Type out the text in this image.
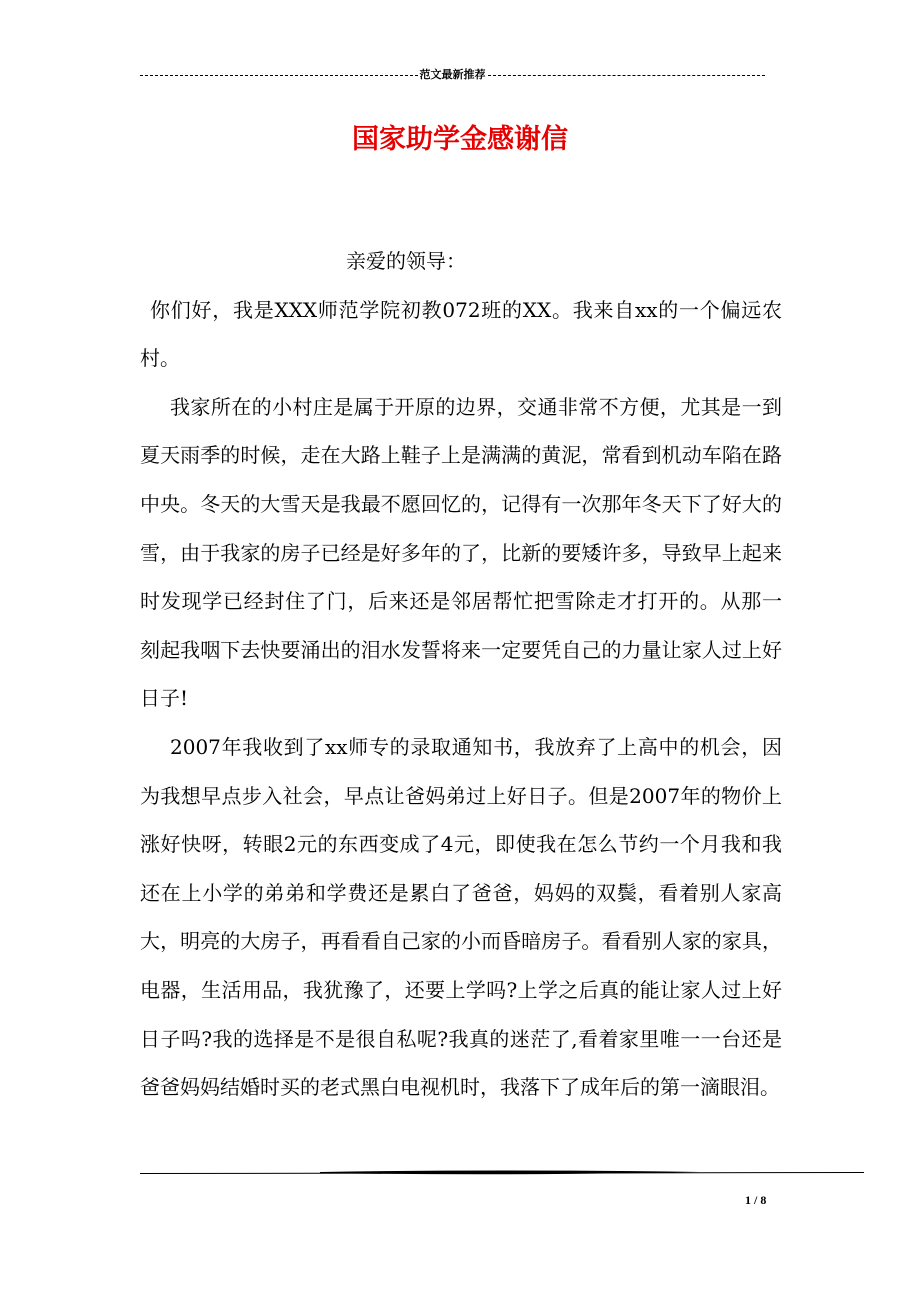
范文最新推荐
国家助学金感谢信

亲爱的领导：

你们好，我是XXX师范学院初教072班的XX。我来自xx的一个偏远农村。

我家所在的小村庄是属于开原的边界，交通非常不方便，尤其是一到夏天雨季的时候，走在大路上鞋子上是满满的黄泥，常看到机动车陷在路中央。冬天的大雪天是我最不愿回忆的，记得有一次那年冬天下了好大的雪，由于我家的房子已经是好多年的了，比新的要矮许多，导致早上起来时发现学已经封住了门，后来还是邻居帮忙把雪除走才打开的。从那一 刻起我咽下去快要涌出的泪水发誓将来一定要凭自己的力量让家人过上好日子!

2007年我收到了xx师专的录取通知书，我放弃了上高中的机会，因为我想早点步入社会，早点让爸妈弟过上好日子。但是2007年的物价上涨好快呀，转眼2元的东西变成了4元，即使我在怎么节约一个月我和我还在上小学的弟弟和学费还是累白了爸爸，妈妈的双鬓，看着别人家高大，明亮的大房子，再看看自己家的小而昏暗房子。看看别人家的家具，电器，生活用品，我犹豫了，还要上学吗?上学之后真的能让家人过上好日子吗?我的选择是不是很自私呢?我真的迷茫了,看着家里唯一一台还是爸爸妈妈结婚时买的老式黑白电视机时，我落下了成年后的第一滴眼泪。

1 / 8
